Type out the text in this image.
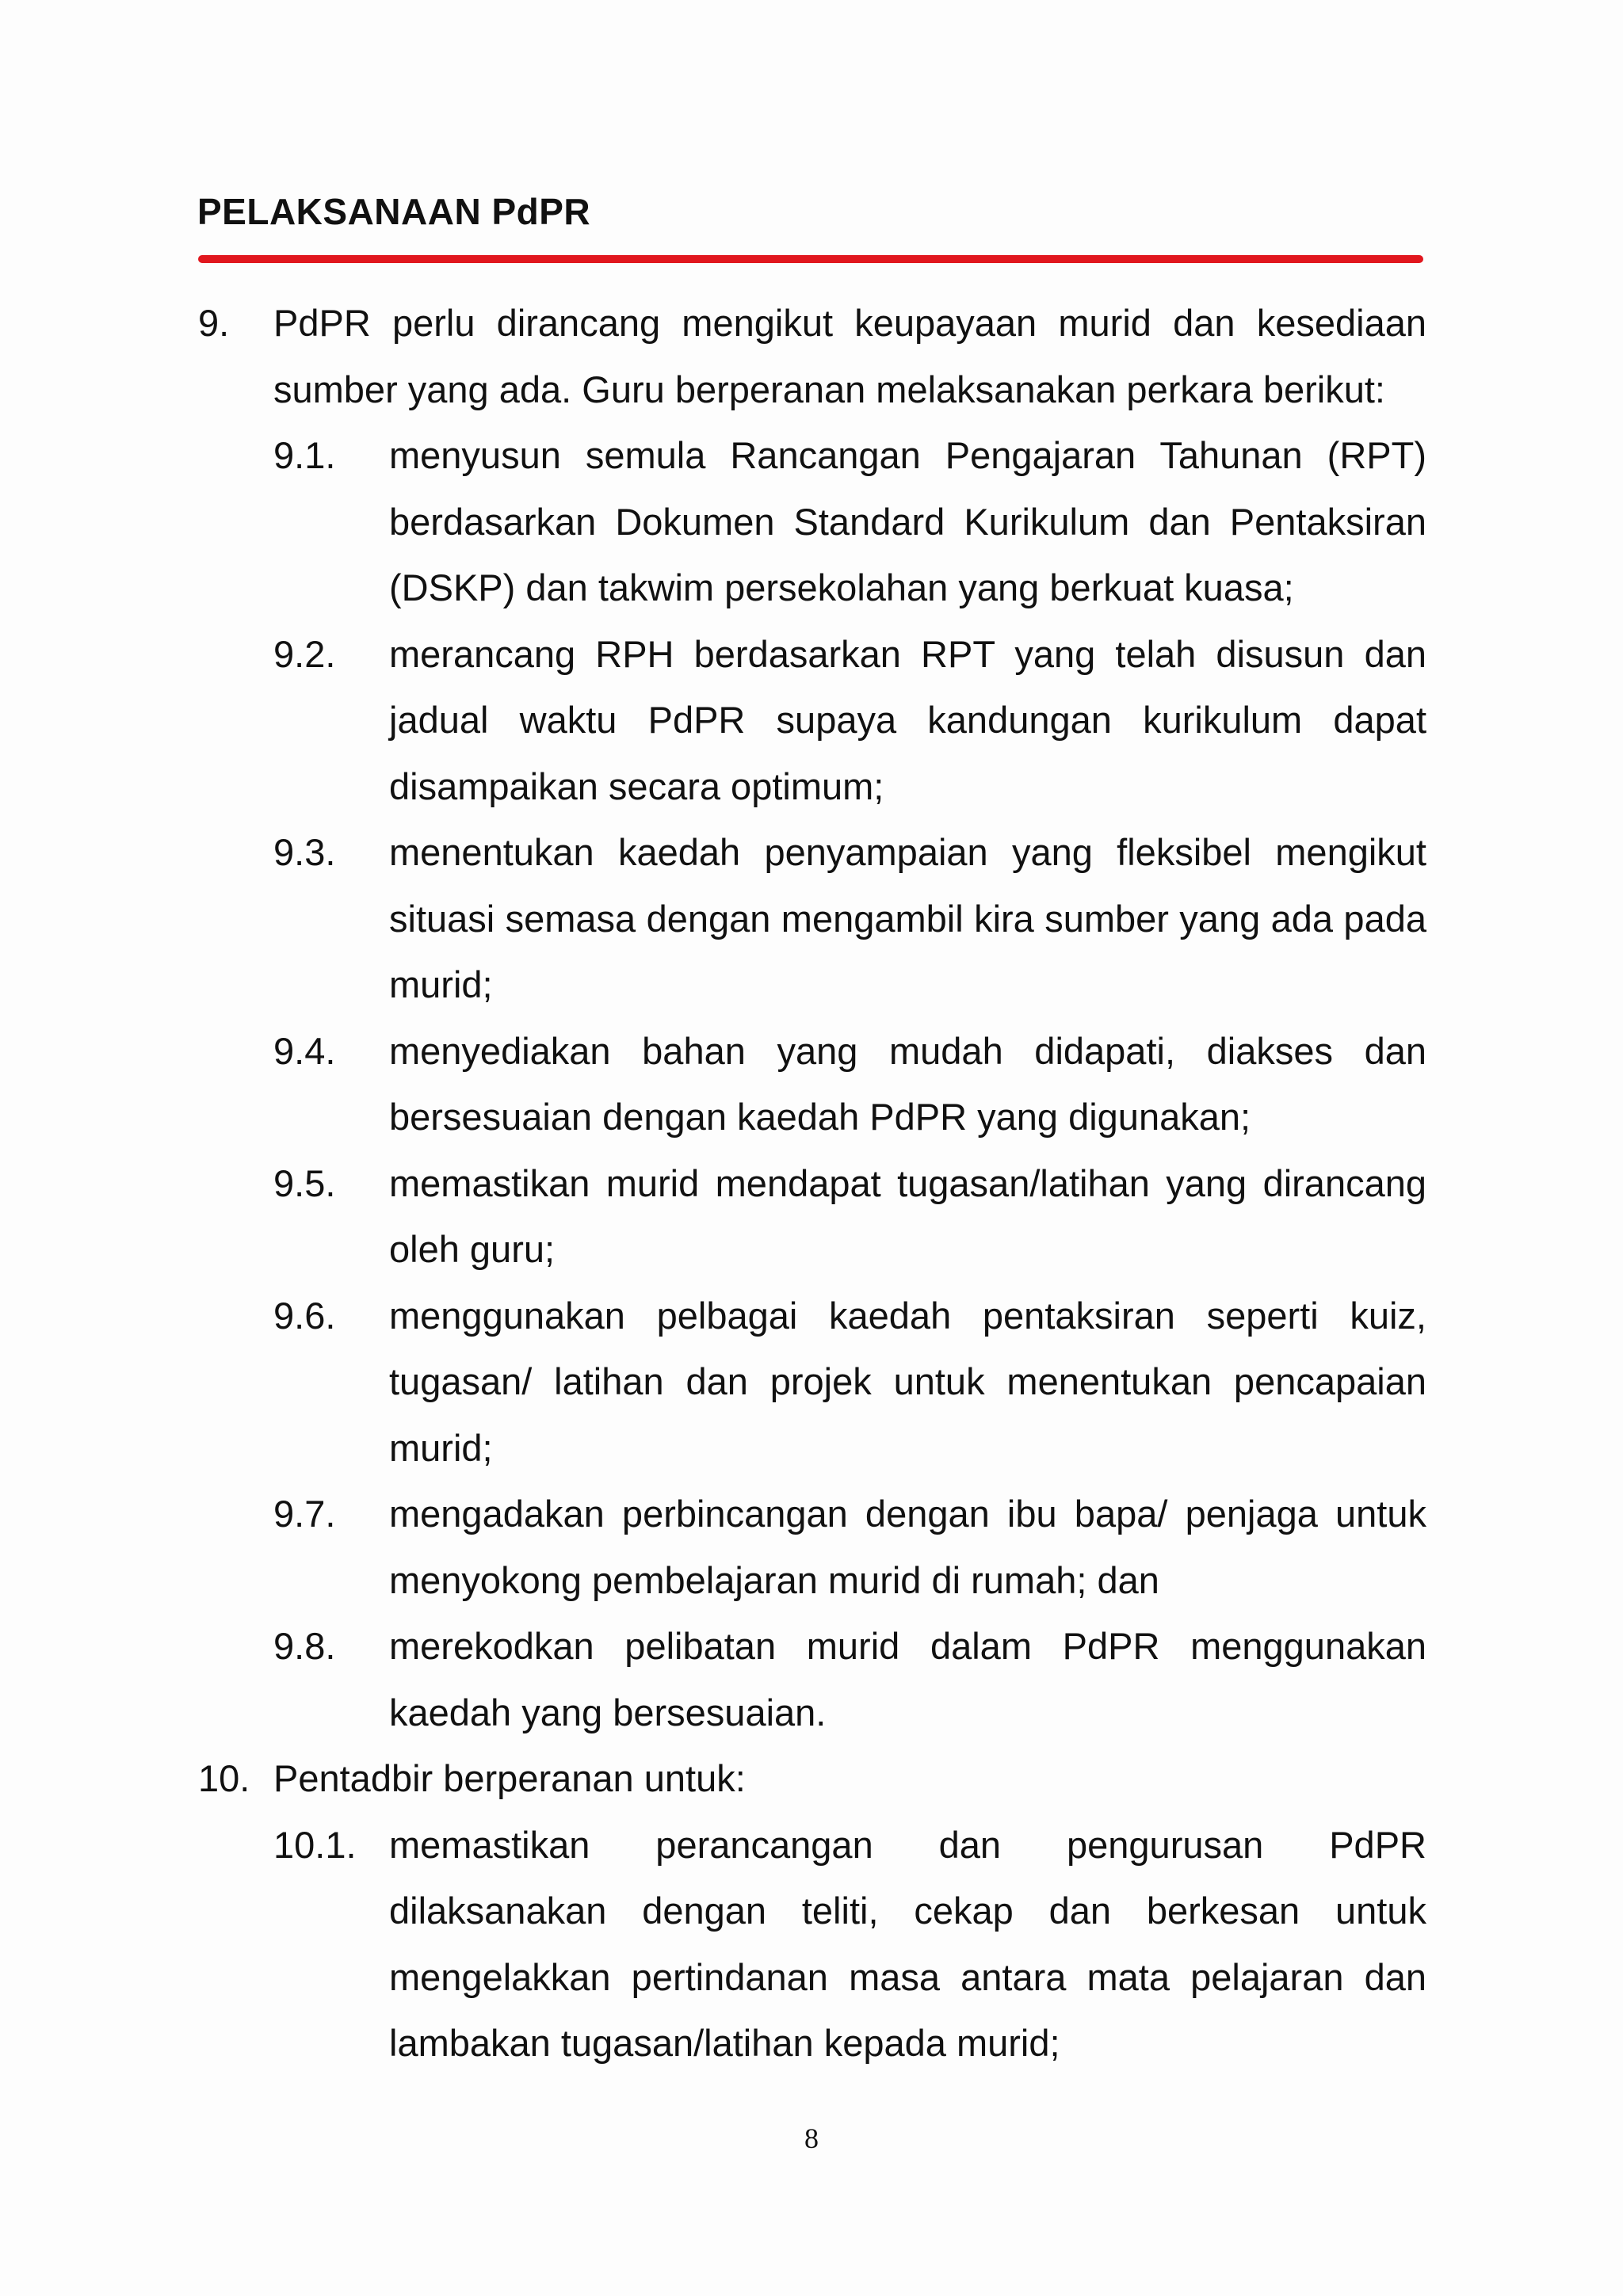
PELAKSANAAN PdPR
9.	PdPR perlu dirancang mengikut keupayaan murid dan kesediaan sumber yang ada. Guru berperanan melaksanakan perkara berikut:
9.1.	menyusun semula Rancangan Pengajaran Tahunan (RPT) berdasarkan Dokumen Standard Kurikulum dan Pentaksiran (DSKP) dan takwim persekolahan yang berkuat kuasa;
9.2.	merancang RPH berdasarkan RPT yang telah disusun dan jadual waktu PdPR supaya kandungan kurikulum dapat disampaikan secara optimum;
9.3.	menentukan kaedah penyampaian yang fleksibel mengikut situasi semasa dengan mengambil kira sumber yang ada pada murid;
9.4.	menyediakan bahan yang mudah didapati, diakses dan bersesuaian dengan kaedah PdPR yang digunakan;
9.5.	memastikan murid mendapat tugasan/latihan yang dirancang oleh guru;
9.6.	menggunakan pelbagai kaedah pentaksiran seperti kuiz, tugasan/ latihan dan projek untuk menentukan pencapaian murid;
9.7.	mengadakan perbincangan dengan ibu bapa/ penjaga untuk menyokong pembelajaran murid di rumah; dan
9.8.	merekodkan pelibatan murid dalam PdPR menggunakan kaedah yang bersesuaian.
10. Pentadbir berperanan untuk:
10.1. memastikan perancangan dan pengurusan PdPR dilaksanakan dengan teliti, cekap dan berkesan untuk mengelakkan pertindanan masa antara mata pelajaran dan lambakan tugasan/latihan kepada murid;
8
